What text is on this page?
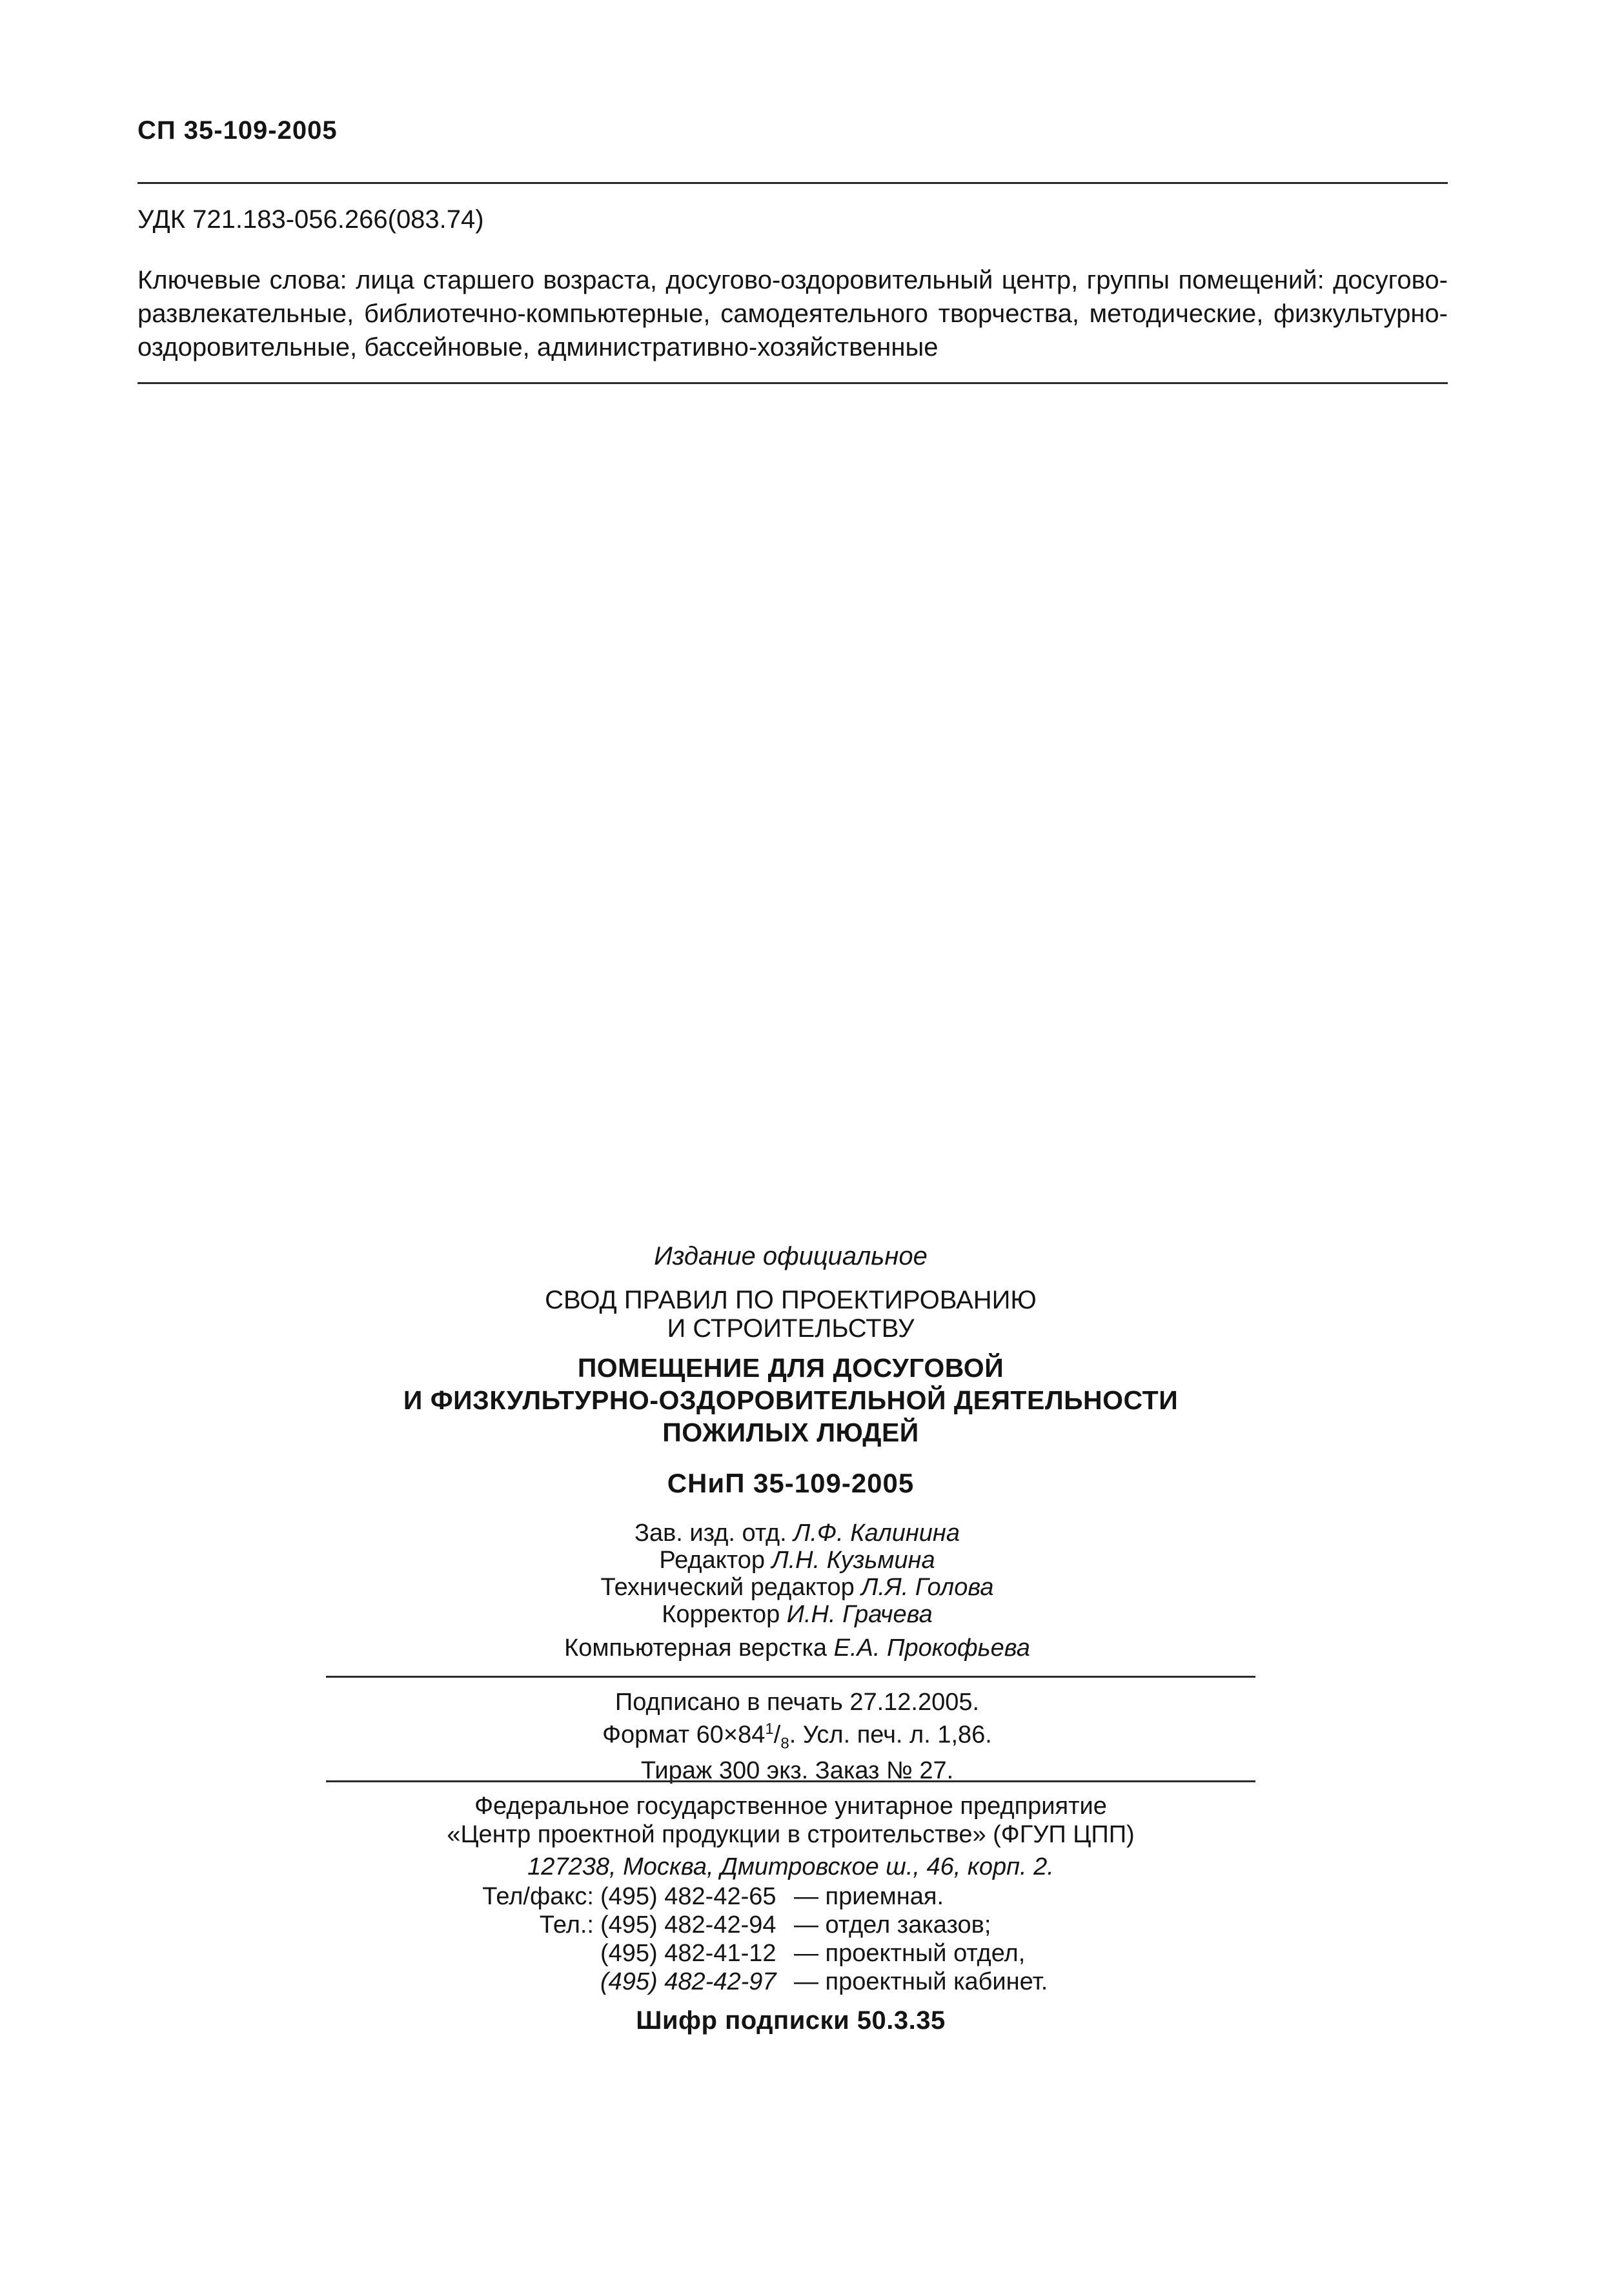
СП 35-109-2005
УДК 721.183-056.266(083.74)
Ключевые слова: лица старшего возраста, досугово-оздоровительный центр, группы помещений: досугово-развлекательные, библиотечно-компьютерные, самодеятельного творчества, методические, физкультурно-оздоровительные, бассейновые, административно-хозяйственные
Издание официальное
СВОД ПРАВИЛ ПО ПРОЕКТИРОВАНИЮ
И СТРОИТЕЛЬСТВУ
ПОМЕЩЕНИЕ ДЛЯ ДОСУГОВОЙ
И ФИЗКУЛЬТУРНО-ОЗДОРОВИТЕЛЬНОЙ ДЕЯТЕЛЬНОСТИ
ПОЖИЛЫХ ЛЮДЕЙ
СНиП 35-109-2005
Зав. изд. отд. Л.Ф. Калинина
Редактор Л.Н. Кузьмина
Технический редактор Л.Я. Голова
Корректор И.Н. Грачева
Компьютерная верстка Е.А. Прокофьева
Подписано в печать 27.12.2005.
Формат $60\times 84^1/_8$. Усл. печ. л. 1,86.
Тираж 300 экз. Заказ № 27.
Федеральное государственное унитарное предприятие
«Центр проектной продукции в строительстве» (ФГУП ЦПП)
127238, Москва, Дмитровское ш., 46, корп. 2.
Тел/факс: (495) 482-42-65 — приемная.
Тел.: (495) 482-42-94 — отдел заказов;
(495) 482-41-12 — проектный отдел,
(495) 482-42-97 — проектный кабинет.
Шифр подписки 50.3.35
